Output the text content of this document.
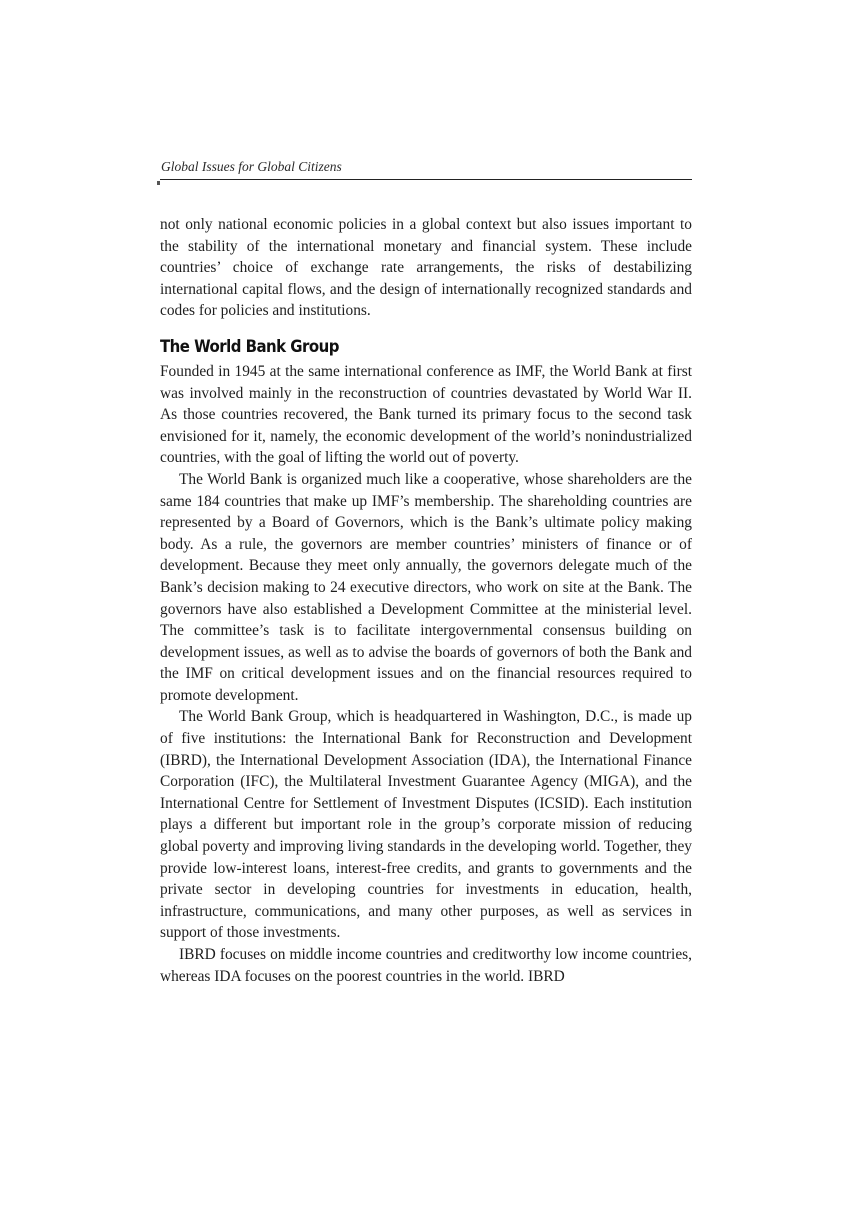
Global Issues for Global Citizens

not only national economic policies in a global context but also issues important to the stability of the international monetary and financial system. These include countries’ choice of exchange rate arrangements, the risks of destabilizing international capital flows, and the design of internationally recognized standards and codes for policies and institutions.

The World Bank Group

Founded in 1945 at the same international conference as IMF, the World Bank at first was involved mainly in the reconstruction of countries devastated by World War II. As those countries recovered, the Bank turned its primary focus to the second task envisioned for it, namely, the economic development of the world’s nonindustrialized countries, with the goal of lifting the world out of poverty.

The World Bank is organized much like a cooperative, whose shareholders are the same 184 countries that make up IMF’s membership. The shareholding countries are represented by a Board of Governors, which is the Bank’s ultimate policy making body. As a rule, the governors are member countries’ ministers of finance or of development. Because they meet only annually, the governors delegate much of the Bank’s decision making to 24 executive directors, who work on site at the Bank. The governors have also established a Development Committee at the ministerial level. The committee’s task is to facilitate intergovernmental consensus building on development issues, as well as to advise the boards of governors of both the Bank and the IMF on critical development issues and on the financial resources required to promote development.

The World Bank Group, which is headquartered in Washington, D.C., is made up of five institutions: the International Bank for Reconstruction and Development (IBRD), the International Development Association (IDA), the International Finance Corporation (IFC), the Multilateral Investment Guarantee Agency (MIGA), and the International Centre for Settlement of Investment Disputes (ICSID). Each institution plays a different but important role in the group’s corporate mission of reducing global poverty and improving living standards in the developing world. Together, they provide low-interest loans, interest-free credits, and grants to governments and the private sector in developing countries for investments in education, health, infrastructure, communications, and many other purposes, as well as services in support of those investments.

IBRD focuses on middle income countries and creditworthy low income countries, whereas IDA focuses on the poorest countries in the world. IBRD
